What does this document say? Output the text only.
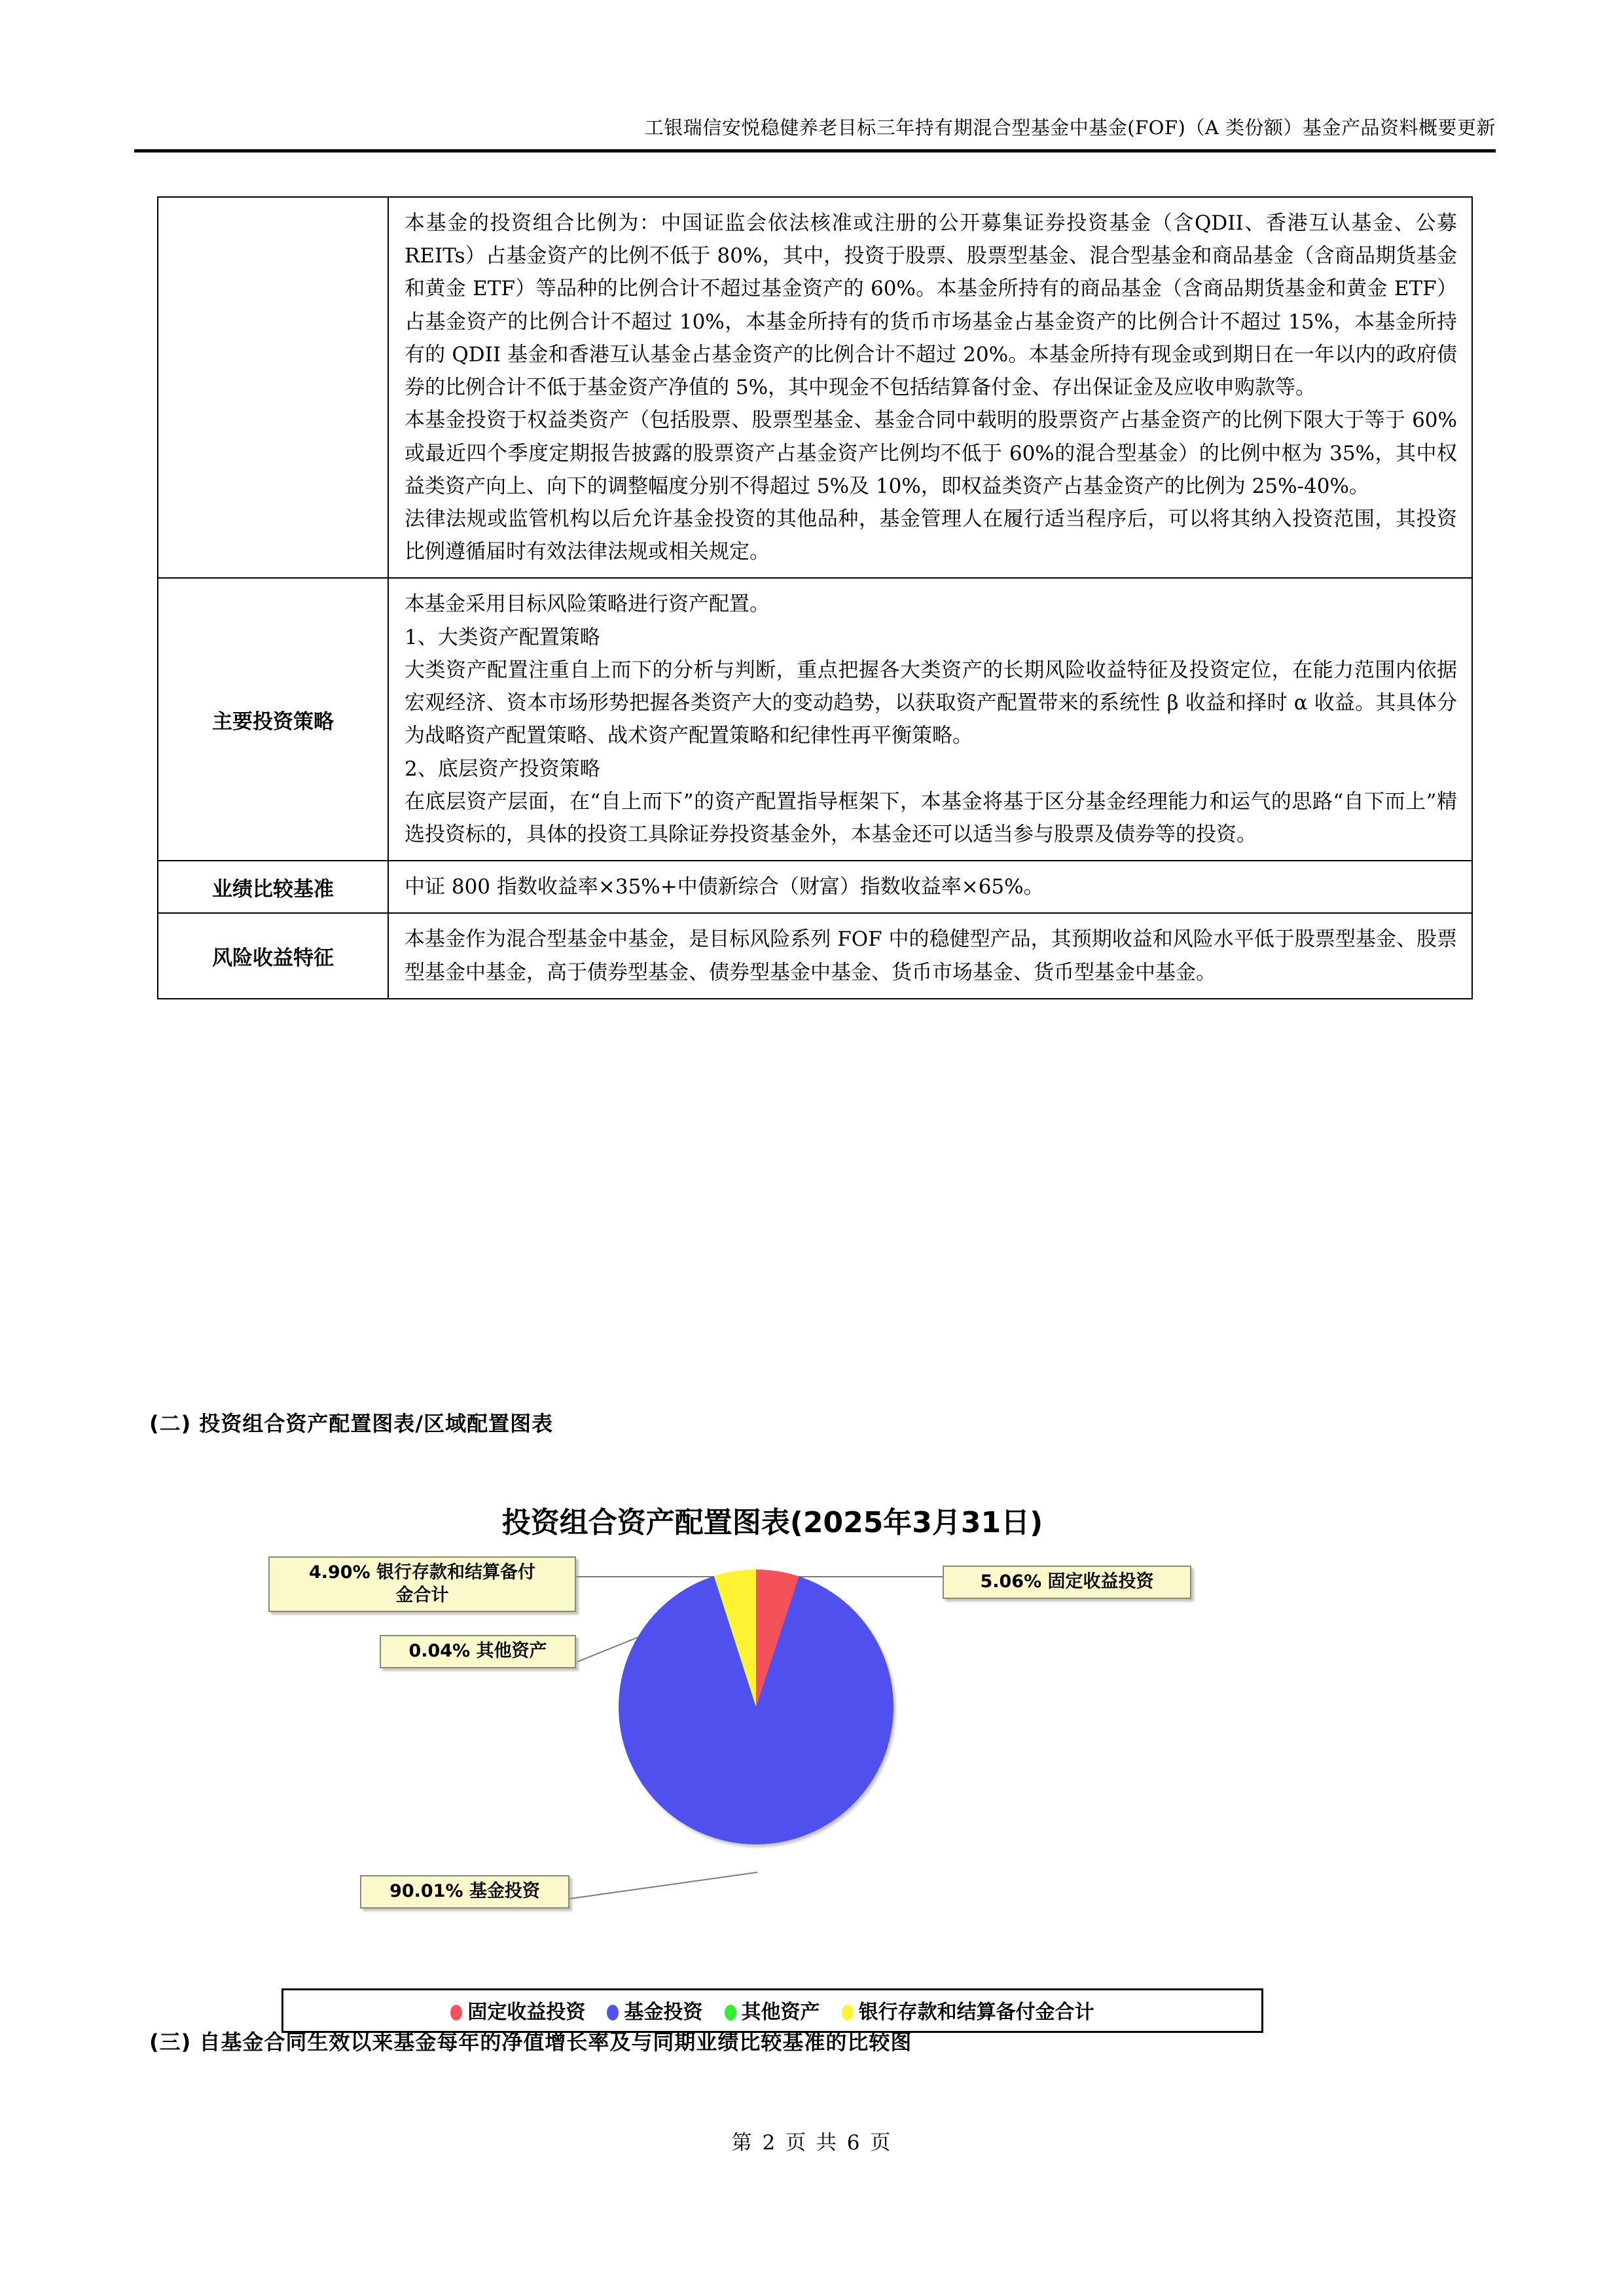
工银瑞信安悦稳健养老目标三年持有期混合型基金中基金(FOF)（A 类份额）基金产品资料概要更新

	本基金的投资组合比例为：中国证监会依法核准或注册的公开募集证券投资基金（含QDII、香港互认基金、公募 REITs）占基金资产的比例不低于 80%，其中，投资于股票、股票型基金、混合型基金和商品基金（含商品期货基金和黄金 ETF）等品种的比例合计不超过基金资产的 60%。本基金所持有的商品基金（含商品期货基金和黄金 ETF）占基金资产的比例合计不超过 10%，本基金所持有的货币市场基金占基金资产的比例合计不超过 15%，本基金所持有的 QDII 基金和香港互认基金占基金资产的比例合计不超过 20%。本基金所持有现金或到期日在一年以内的政府债券的比例合计不低于基金资产净值的 5%，其中现金不包括结算备付金、存出保证金及应收申购款等。

本基金投资于权益类资产（包括股票、股票型基金、基金合同中载明的股票资产占基金资产的比例下限大于等于 60%或最近四个季度定期报告披露的股票资产占基金资产比例均不低于 60%的混合型基金）的比例中枢为 35%，其中权益类资产向上、向下的调整幅度分别不得超过 5%及 10%，即权益类资产占基金资产的比例为 25%-40%。

法律法规或监管机构以后允许基金投资的其他品种，基金管理人在履行适当程序后，可以将其纳入投资范围，其投资比例遵循届时有效法律法规或相关规定。

主要投资策略	本基金采用目标风险策略进行资产配置。

1、大类资产配置策略

大类资产配置注重自上而下的分析与判断，重点把握各大类资产的长期风险收益特征及投资定位，在能力范围内依据宏观经济、资本市场形势把握各类资产大的变动趋势，以获取资产配置带来的系统性 β 收益和择时 α 收益。其具体分为战略资产配置策略、战术资产配置策略和纪律性再平衡策略。

2、底层资产投资策略

在底层资产层面，在“自上而下”的资产配置指导框架下，本基金将基于区分基金经理能力和运气的思路“自下而上”精选投资标的，具体的投资工具除证券投资基金外，本基金还可以适当参与股票及债券等的投资。

业绩比较基准	中证 800 指数收益率×35%+中债新综合（财富）指数收益率×65%。

风险收益特征	本基金作为混合型基金中基金，是目标风险系列 FOF 中的稳健型产品，其预期收益和风险水平低于股票型基金、股票型基金中基金，高于债券型基金、债券型基金中基金、货币市场基金、货币型基金中基金。

(二) 投资组合资产配置图表/区域配置图表
投资组合资产配置图表(2025年3月31日)
4.90% 银行存款和结算备付
金合计
0.04% 其他资产
5.06% 固定收益投资
90.01% 基金投资
固定收益投资 基金投资 其他资产 银行存款和结算备付金合计
(三) 自基金合同生效以来基金每年的净值增长率及与同期业绩比较基准的比较图
第 2 页 共 6 页
